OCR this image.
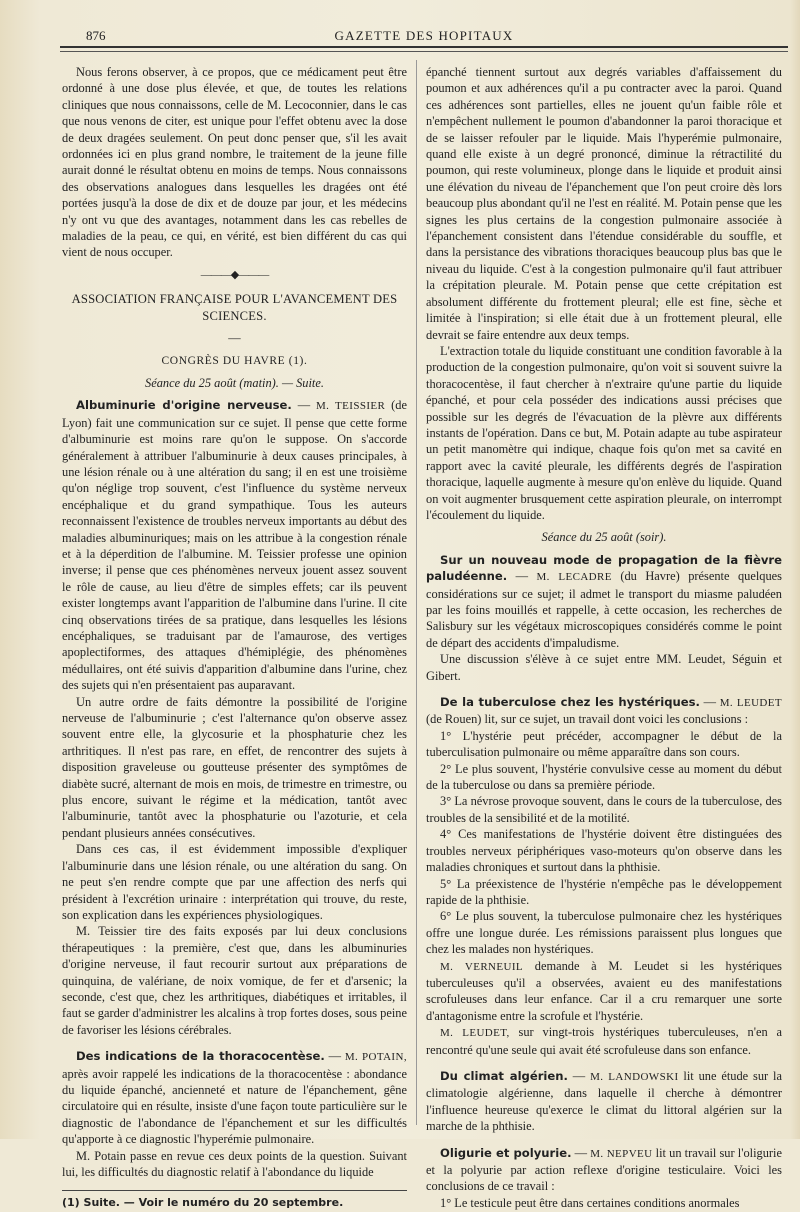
876	GAZETTE DES HOPITAUX

Nous ferons observer, à ce propos, que ce médicament peut être ordonné à une dose plus élevée, et que, de toutes les relations cliniques que nous connaissons, celle de M. Lecoconnier, dans le cas que nous venons de citer, est unique pour l'effet obtenu avec la dose de deux dragées seulement. On peut donc penser que, s'il les avait ordonnées ici en plus grand nombre, le traitement de la jeune fille aurait donné le résultat obtenu en moins de temps. Nous connaissons des observations analogues dans lesquelles les dragées ont été portées jusqu'à la dose de dix et de douze par jour, et les médecins n'y ont vu que des avantages, notamment dans les cas rebelles de maladies de la peau, ce qui, en vérité, est bien différent du cas qui vient de nous occuper.

———◆———
ASSOCIATION FRANÇAISE POUR L'AVANCEMENT DES SCIENCES.
—
CONGRÈS DU HAVRE (1).
Séance du 25 août (matin). — Suite.

Albuminurie d'origine nerveuse. — M. TEISSIER (de Lyon) fait une communication sur ce sujet. Il pense que cette forme d'albuminurie est moins rare qu'on le suppose. On s'accorde généralement à attribuer l'albuminurie à deux causes principales, à une lésion rénale ou à une altération du sang; il en est une troisième qu'on néglige trop souvent, c'est l'influence du système nerveux encéphalique et du grand sympathique. Tous les auteurs reconnaissent l'existence de troubles nerveux importants au début des maladies albuminuriques; mais on les attribue à la congestion rénale et à la déperdition de l'albumine. M. Teissier professe une opinion inverse; il pense que ces phénomènes nerveux jouent assez souvent le rôle de cause, au lieu d'être de simples effets; car ils peuvent exister longtemps avant l'apparition de l'albumine dans l'urine. Il cite cinq observations tirées de sa pratique, dans lesquelles les lésions encéphaliques, se traduisant par de l'amaurose, des vertiges apoplectiformes, des attaques d'hémiplégie, des phénomènes médullaires, ont été suivis d'apparition d'albumine dans l'urine, chez des sujets qui n'en présentaient pas auparavant.

Un autre ordre de faits démontre la possibilité de l'origine nerveuse de l'albuminurie ; c'est l'alternance qu'on observe assez souvent entre elle, la glycosurie et la phosphaturie chez les arthritiques. Il n'est pas rare, en effet, de rencontrer des sujets à disposition graveleuse ou goutteuse présenter des symptômes de diabète sucré, alternant de mois en mois, de trimestre en trimestre, ou plus encore, suivant le régime et la médication, tantôt avec l'albuminurie, tantôt avec la phosphaturie ou l'azoturie, et cela pendant plusieurs années consécutives.

Dans ces cas, il est évidemment impossible d'expliquer l'albuminurie dans une lésion rénale, ou une altération du sang. On ne peut s'en rendre compte que par une affection des nerfs qui président à l'excrétion urinaire : interprétation qui trouve, du reste, son explication dans les expériences physiologiques.

M. Teissier tire des faits exposés par lui deux conclusions thérapeutiques : la première, c'est que, dans les albuminuries d'origine nerveuse, il faut recourir surtout aux préparations de quinquina, de valériane, de noix vomique, de fer et d'arsenic; la seconde, c'est que, chez les arthritiques, diabétiques et irritables, il faut se garder d'administrer les alcalins à trop fortes doses, sous peine de favoriser les lésions cérébrales.

Des indications de la thoracocentèse. — M. POTAIN, après avoir rappelé les indications de la thoracocentèse : abondance du liquide épanché, ancienneté et nature de l'épanchement, gêne circulatoire qui en résulte, insiste d'une façon toute particulière sur le diagnostic de l'abondance de l'épanchement et sur les difficultés qu'apporte à ce diagnostic l'hyperémie pulmonaire.

M. Potain passe en revue ces deux points de la question. Suivant lui, les difficultés du diagnostic relatif à l'abondance du liquide

(1) Suite. — Voir le numéro du 20 septembre.

épanché tiennent surtout aux degrés variables d'affaissement du poumon et aux adhérences qu'il a pu contracter avec la paroi. Quand ces adhérences sont partielles, elles ne jouent qu'un faible rôle et n'empêchent nullement le poumon d'abandonner la paroi thoracique et de se laisser refouler par le liquide. Mais l'hyperémie pulmonaire, quand elle existe à un degré prononcé, diminue la rétractilité du poumon, qui reste volumineux, plonge dans le liquide et produit ainsi une élévation du niveau de l'épanchement que l'on peut croire dès lors beaucoup plus abondant qu'il ne l'est en réalité. M. Potain pense que les signes les plus certains de la congestion pulmonaire associée à l'épanchement consistent dans l'étendue considérable du souffle, et dans la persistance des vibrations thoraciques beaucoup plus bas que le niveau du liquide. C'est à la congestion pulmonaire qu'il faut attribuer la crépitation pleurale. M. Potain pense que cette crépitation est absolument différente du frottement pleural; elle est fine, sèche et limitée à l'inspiration; si elle était due à un frottement pleural, elle devrait se faire entendre aux deux temps.

L'extraction totale du liquide constituant une condition favorable à la production de la congestion pulmonaire, qu'on voit si souvent suivre la thoracocentèse, il faut chercher à n'extraire qu'une partie du liquide épanché, et pour cela posséder des indications aussi précises que possible sur les degrés de l'évacuation de la plèvre aux différents instants de l'opération. Dans ce but, M. Potain adapte au tube aspirateur un petit manomètre qui indique, chaque fois qu'on met sa cavité en rapport avec la cavité pleurale, les différents degrés de l'aspiration thoracique, laquelle augmente à mesure qu'on enlève du liquide. Quand on voit augmenter brusquement cette aspiration pleurale, on interrompt l'écoulement du liquide.

Séance du 25 août (soir).

Sur un nouveau mode de propagation de la fièvre paludéenne. — M. LECADRE (du Havre) présente quelques considérations sur ce sujet; il admet le transport du miasme paludéen par les foins mouillés et rappelle, à cette occasion, les recherches de Salisbury sur les végétaux microscopiques considérés comme le point de départ des accidents d'impaludisme.

Une discussion s'élève à ce sujet entre MM. Leudet, Séguin et Gibert.

De la tuberculose chez les hystériques. — M. LEUDET (de Rouen) lit, sur ce sujet, un travail dont voici les conclusions :

1° L'hystérie peut précéder, accompagner le début de la tuberculisation pulmonaire ou même apparaître dans son cours.

2° Le plus souvent, l'hystérie convulsive cesse au moment du début de la tuberculose ou dans sa première période.

3° La névrose provoque souvent, dans le cours de la tuberculose, des troubles de la sensibilité et de la motilité.

4° Ces manifestations de l'hystérie doivent être distinguées des troubles nerveux périphériques vaso-moteurs qu'on observe dans les maladies chroniques et surtout dans la phthisie.

5° La préexistence de l'hystérie n'empêche pas le développement rapide de la phthisie.

6° Le plus souvent, la tuberculose pulmonaire chez les hystériques offre une longue durée. Les rémissions paraissent plus longues que chez les malades non hystériques.

M. VERNEUIL demande à M. Leudet si les hystériques tuberculeuses qu'il a observées, avaient eu des manifestations scrofuleuses dans leur enfance. Car il a cru remarquer une sorte d'antagonisme entre la scrofule et l'hystérie.

M. LEUDET, sur vingt-trois hystériques tuberculeuses, n'en a rencontré qu'une seule qui avait été scrofuleuse dans son enfance.

Du climat algérien. — M. LANDOWSKI lit une étude sur la climatologie algérienne, dans laquelle il cherche à démontrer l'influence heureuse qu'exerce le climat du littoral algérien sur la marche de la phthisie.

Oligurie et polyurie. — M. NEPVEU lit un travail sur l'oligurie et la polyurie par action reflexe d'origine testiculaire. Voici les conclusions de ce travail :

1° Le testicule peut être dans certaines conditions anormales
